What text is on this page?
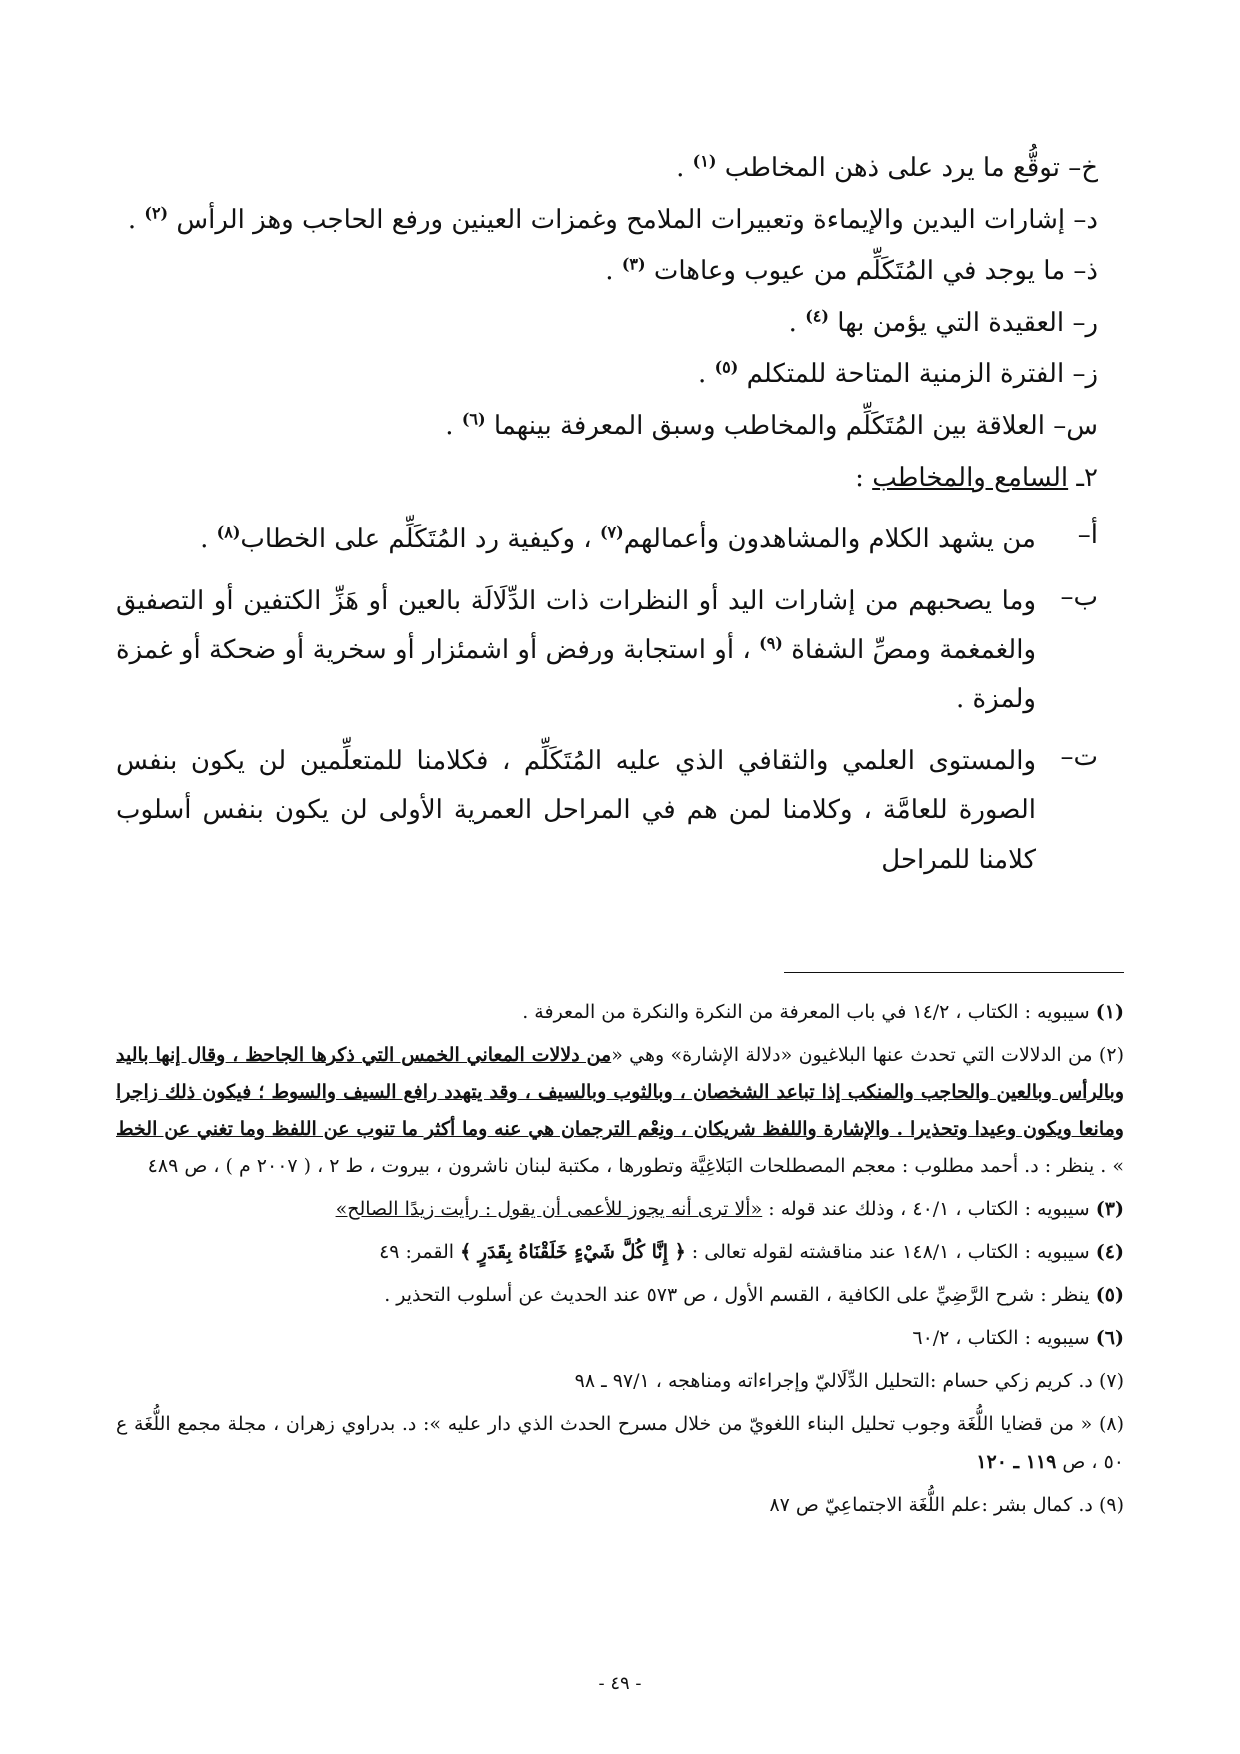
خ– توقُّع ما يرد على ذهن المخاطب $^{(١)}$ .
د– إشارات اليدين والإيماءة وتعبيرات الملامح وغمزات العينين ورفع الحاجب وهز الرأس $^{(٢)}$ .
ذ– ما يوجد في المُتَكَلِّم من عيوب وعاهات $^{(٣)}$ .
ر– العقيدة التي يؤمن بها $^{(٤)}$ .
ز– الفترة الزمنية المتاحة للمتكلم $^{(٥)}$ .
س– العلاقة بين المُتَكَلِّم والمخاطب وسبق المعرفة بينهما $^{(٦)}$ .
٢ـ السامع والمخاطب :
أ–
من يشهد الكلام والمشاهدون وأعمالهم$^{(٧)}$ ، وكيفية رد المُتَكَلِّم على الخطاب$^{(٨)}$ .
ب–
وما يصحبهم من إشارات اليد أو النظرات ذات الدِّلَالَة بالعين أو هَزِّ الكتفين أو التصفيق والغمغمة ومصِّ الشفاة $^{(٩)}$ ، أو استجابة ورفض أو اشمئزار أو سخرية أو ضحكة أو غمزة ولمزة .
ت–
والمستوى العلمي والثقافي الذي عليه المُتَكَلِّم ، فكلامنا للمتعلِّمين لن يكون بنفس الصورة للعامَّة ، وكلامنا لمن هم في المراحل العمرية الأولى لن يكون بنفس أسلوب كلامنا للمراحل
(١) سيبويه : الكتاب ، ١٤/٢ في باب المعرفة من النكرة والنكرة من المعرفة .
(٢) من الدلالات التي تحدث عنها البلاغيون «دلالة الإشارة» وهي «من دلالات المعاني الخمس التي ذكرها الجاحظ ، وقال إنها باليد وبالرأس وبالعين والحاجب والمنكب إذا تباعد الشخصان ، وبالثوب وبالسيف ، وقد يتهدد رافع السيف والسوط ؛ فيكون ذلك زاجرا ومانعا ويكون وعيدا وتحذيرا . والإشارة واللفظ شريكان ، ونِعْم الترجمان هي عنه وما أكثر ما تنوب عن اللفظ وما تغني عن الخط » . ينظر : د. أحمد مطلوب : معجم المصطلحات البَلاغِيَّة وتطورها ، مكتبة لبنان ناشرون ، بيروت ، ط ٢ ، ( ٢٠٠٧ م ) ، ص ٤٨٩
(٣) سيبويه : الكتاب ، ٤٠/١ ، وذلك عند قوله : «ألا ترى أنه يجوز للأعمى أن يقول : رأيت زيدًا الصالح»
(٤) سيبويه : الكتاب ، ١٤٨/١ عند مناقشته لقوله تعالى : ﴿ إِنَّا كُلَّ شَيْءٍ خَلَقْنَاهُ بِقَدَرٍ ﴾ القمر: ٤٩
(٥) ينظر : شرح الرَّضِيِّ على الكافية ، القسم الأول ، ص ٥٧٣ عند الحديث عن أسلوب التحذير .
(٦) سيبويه : الكتاب ، ٦٠/٢
(٧) د. كريم زكي حسام :التحليل الدِّلَاليّ وإجراءاته ومناهجه ، ٩٧/١ ـ ٩٨
(٨) « من قضايا اللُّغَة وجوب تحليل البناء اللغويّ من خلال مسرح الحدث الذي دار عليه »: د. بدراوي زهران ، مجلة مجمع اللُّغَة ع ٥٠ ، ص ١١٩ ـ ١٢٠
(٩) د. كمال بشر :علم اللُّغَة الاجتماعِيّ ص ٨٧
- ٤٩ -
